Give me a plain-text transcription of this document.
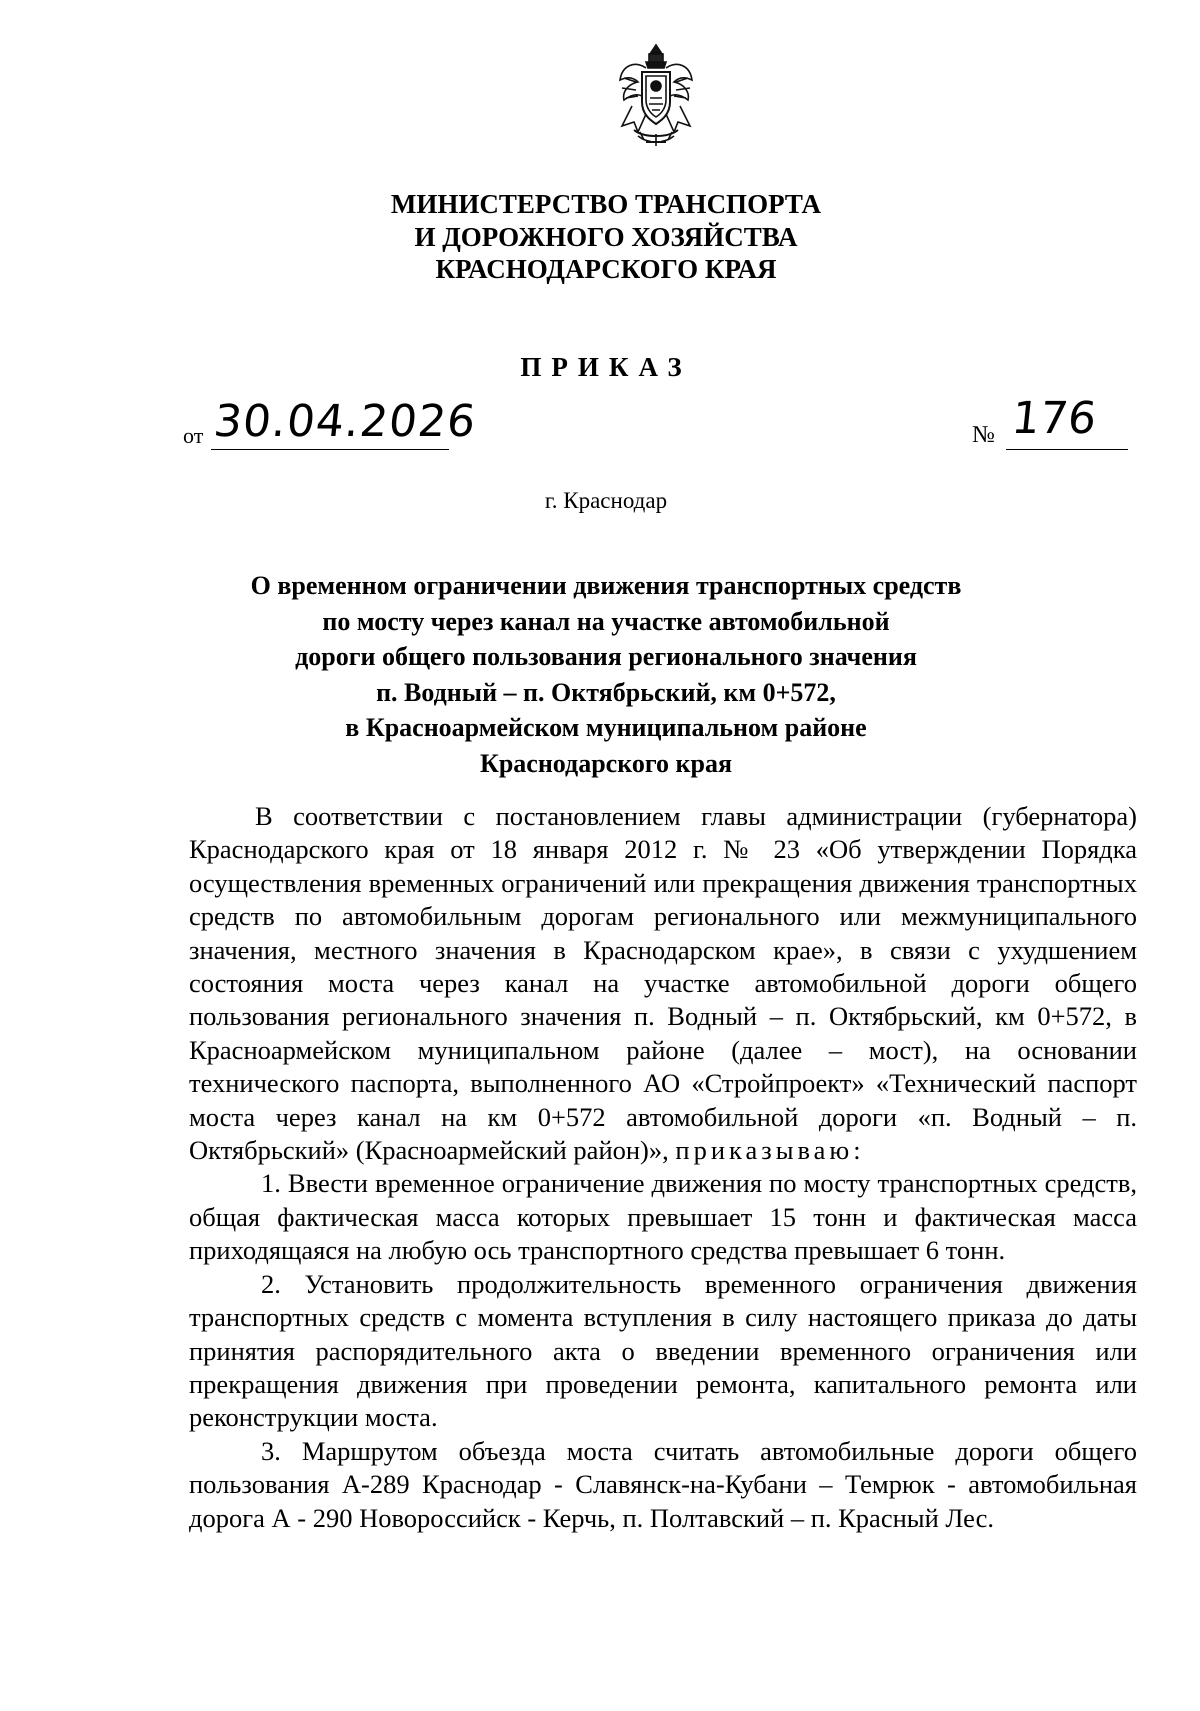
МИНИСТЕРСТВО ТРАНСПОРТА
И ДОРОЖНОГО ХОЗЯЙСТВА
КРАСНОДАРСКОГО КРАЯ
ПРИКАЗ
от 30.04.2026	№ 176
г. Краснодар
О временном ограничении движения транспортных средств
по мосту через канал на участке автомобильной
дороги общего пользования регионального значения
п. Водный – п. Октябрьский, км 0+572,
в Красноармейском муниципальном районе
Краснодарского края

В соответствии с постановлением главы администрации (губернатора) Краснодарского края от 18 января 2012 г. № 23 «Об утверждении Порядка осуществления временных ограничений или прекращения движения транспортных средств по автомобильным дорогам регионального или межмуниципального значения, местного значения в Краснодарском крае», в связи с ухудшением состояния моста через канал на участке автомобильной дороги общего пользования регионального значения п. Водный – п. Октябрьский, км 0+572, в Красноармейском муниципальном районе (далее – мост), на основании технического паспорта, выполненного АО «Стройпроект» «Технический паспорт моста через канал на км 0+572 автомобильной дороги «п. Водный – п. Октябрьский» (Красноармейский район)», приказываю:

1. Ввести временное ограничение движения по мосту транспортных средств, общая фактическая масса которых превышает 15 тонн и фактическая масса приходящаяся на любую ось транспортного средства превышает 6 тонн.

2. Установить продолжительность временного ограничения движения транспортных средств с момента вступления в силу настоящего приказа до даты принятия распорядительного акта о введении временного ограничения или прекращения движения при проведении ремонта, капитального ремонта или реконструкции моста.

3. Маршрутом объезда моста считать автомобильные дороги общего пользования А-289 Краснодар - Славянск-на-Кубани – Темрюк - автомобильная дорога А - 290 Новороссийск - Керчь, п. Полтавский – п. Красный Лес.
